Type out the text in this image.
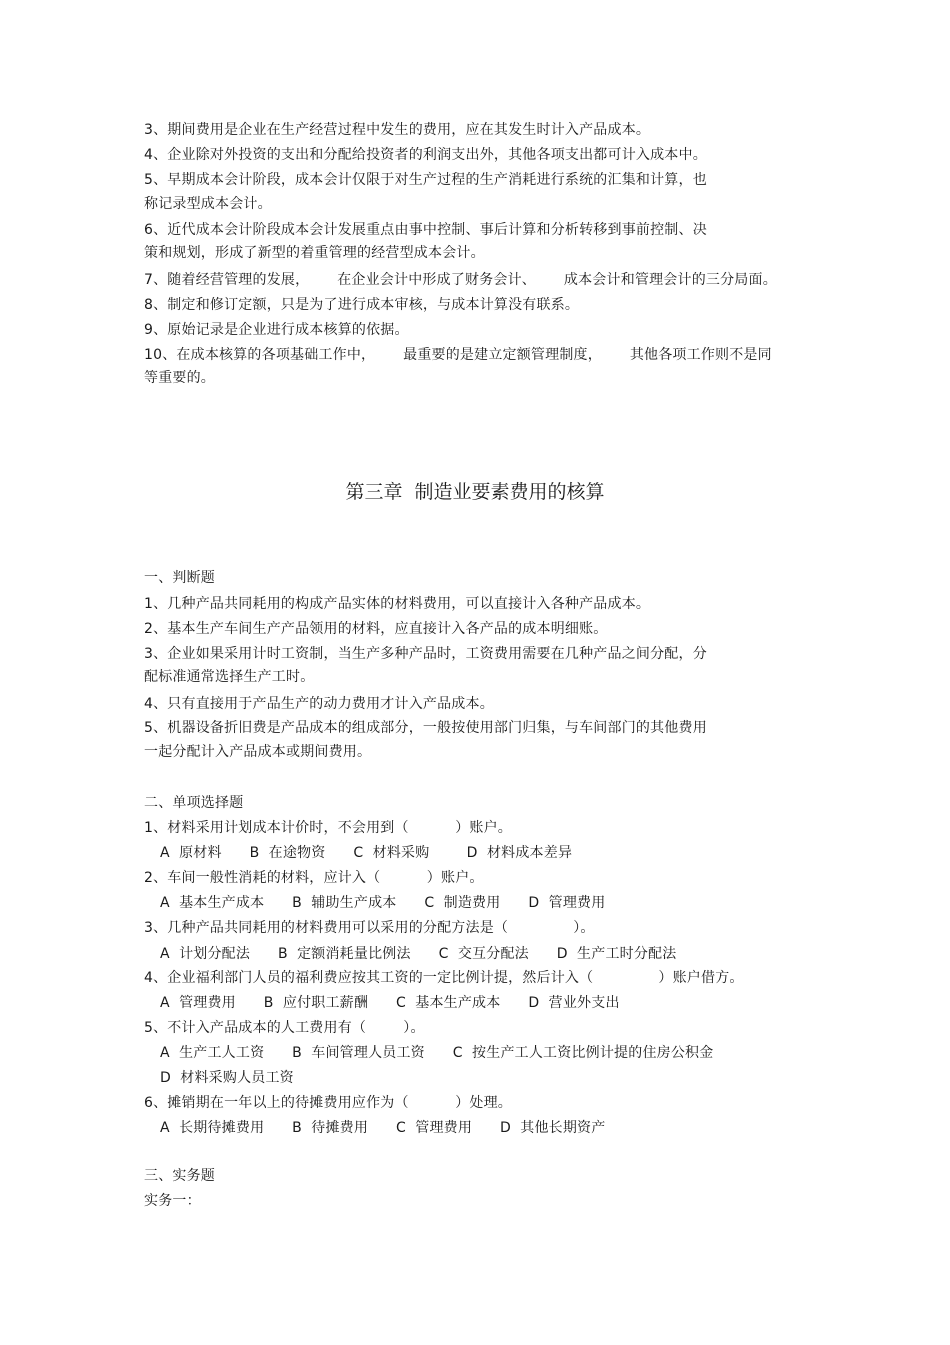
3、期间费用是企业在生产经营过程中发生的费用，应在其发生时计入产品成本。
4、企业除对外投资的支出和分配给投资者的利润支出外，其他各项支出都可计入成本中。
5、早期成本会计阶段，成本会计仅限于对生产过程的生产消耗进行系统的汇集和计算，也
称记录型成本会计。
6、近代成本会计阶段成本会计发展重点由事中控制、事后计算和分析转移到事前控制、决
策和规划，形成了新型的着重管理的经营型成本会计。
7、随着经营管理的发展，      在企业会计中形成了财务会计、      成本会计和管理会计的三分局面。
8、制定和修订定额，只是为了进行成本审核，与成本计算没有联系。
9、原始记录是企业进行成本核算的依据。
10、在成本核算的各项基础工作中，      最重要的是建立定额管理制度，      其他各项工作则不是同
等重要的。
第三章  制造业要素费用的核算
一、判断题
1、几种产品共同耗用的构成产品实体的材料费用，可以直接计入各种产品成本。
2、基本生产车间生产产品领用的材料，应直接计入各产品的成本明细账。
3、企业如果采用计时工资制，当生产多种产品时，工资费用需要在几种产品之间分配，分
配标准通常选择生产工时。
4、只有直接用于产品生产的动力费用才计入产品成本。
5、机器设备折旧费是产品成本的组成部分，一般按使用部门归集，与车间部门的其他费用
一起分配计入产品成本或期间费用。
二、单项选择题
1、材料采用计划成本计价时，不会用到（          ）账户。
A  原材料      B  在途物资      C  材料采购        D  材料成本差异
2、车间一般性消耗的材料，应计入（          ）账户。
A  基本生产成本      B  辅助生产成本      C  制造费用      D  管理费用
3、几种产品共同耗用的材料费用可以采用的分配方法是（              ）。
A  计划分配法      B  定额消耗量比例法      C  交互分配法      D  生产工时分配法
4、企业福利部门人员的福利费应按其工资的一定比例计提，然后计入（              ）账户借方。
A  管理费用      B  应付职工薪酬      C  基本生产成本      D  营业外支出
5、不计入产品成本的人工费用有（        ）。
A  生产工人工资      B  车间管理人员工资      C  按生产工人工资比例计提的住房公积金
D  材料采购人员工资
6、摊销期在一年以上的待摊费用应作为（          ）处理。
A  长期待摊费用      B  待摊费用      C  管理费用      D  其他长期资产
三、实务题
实务一：
